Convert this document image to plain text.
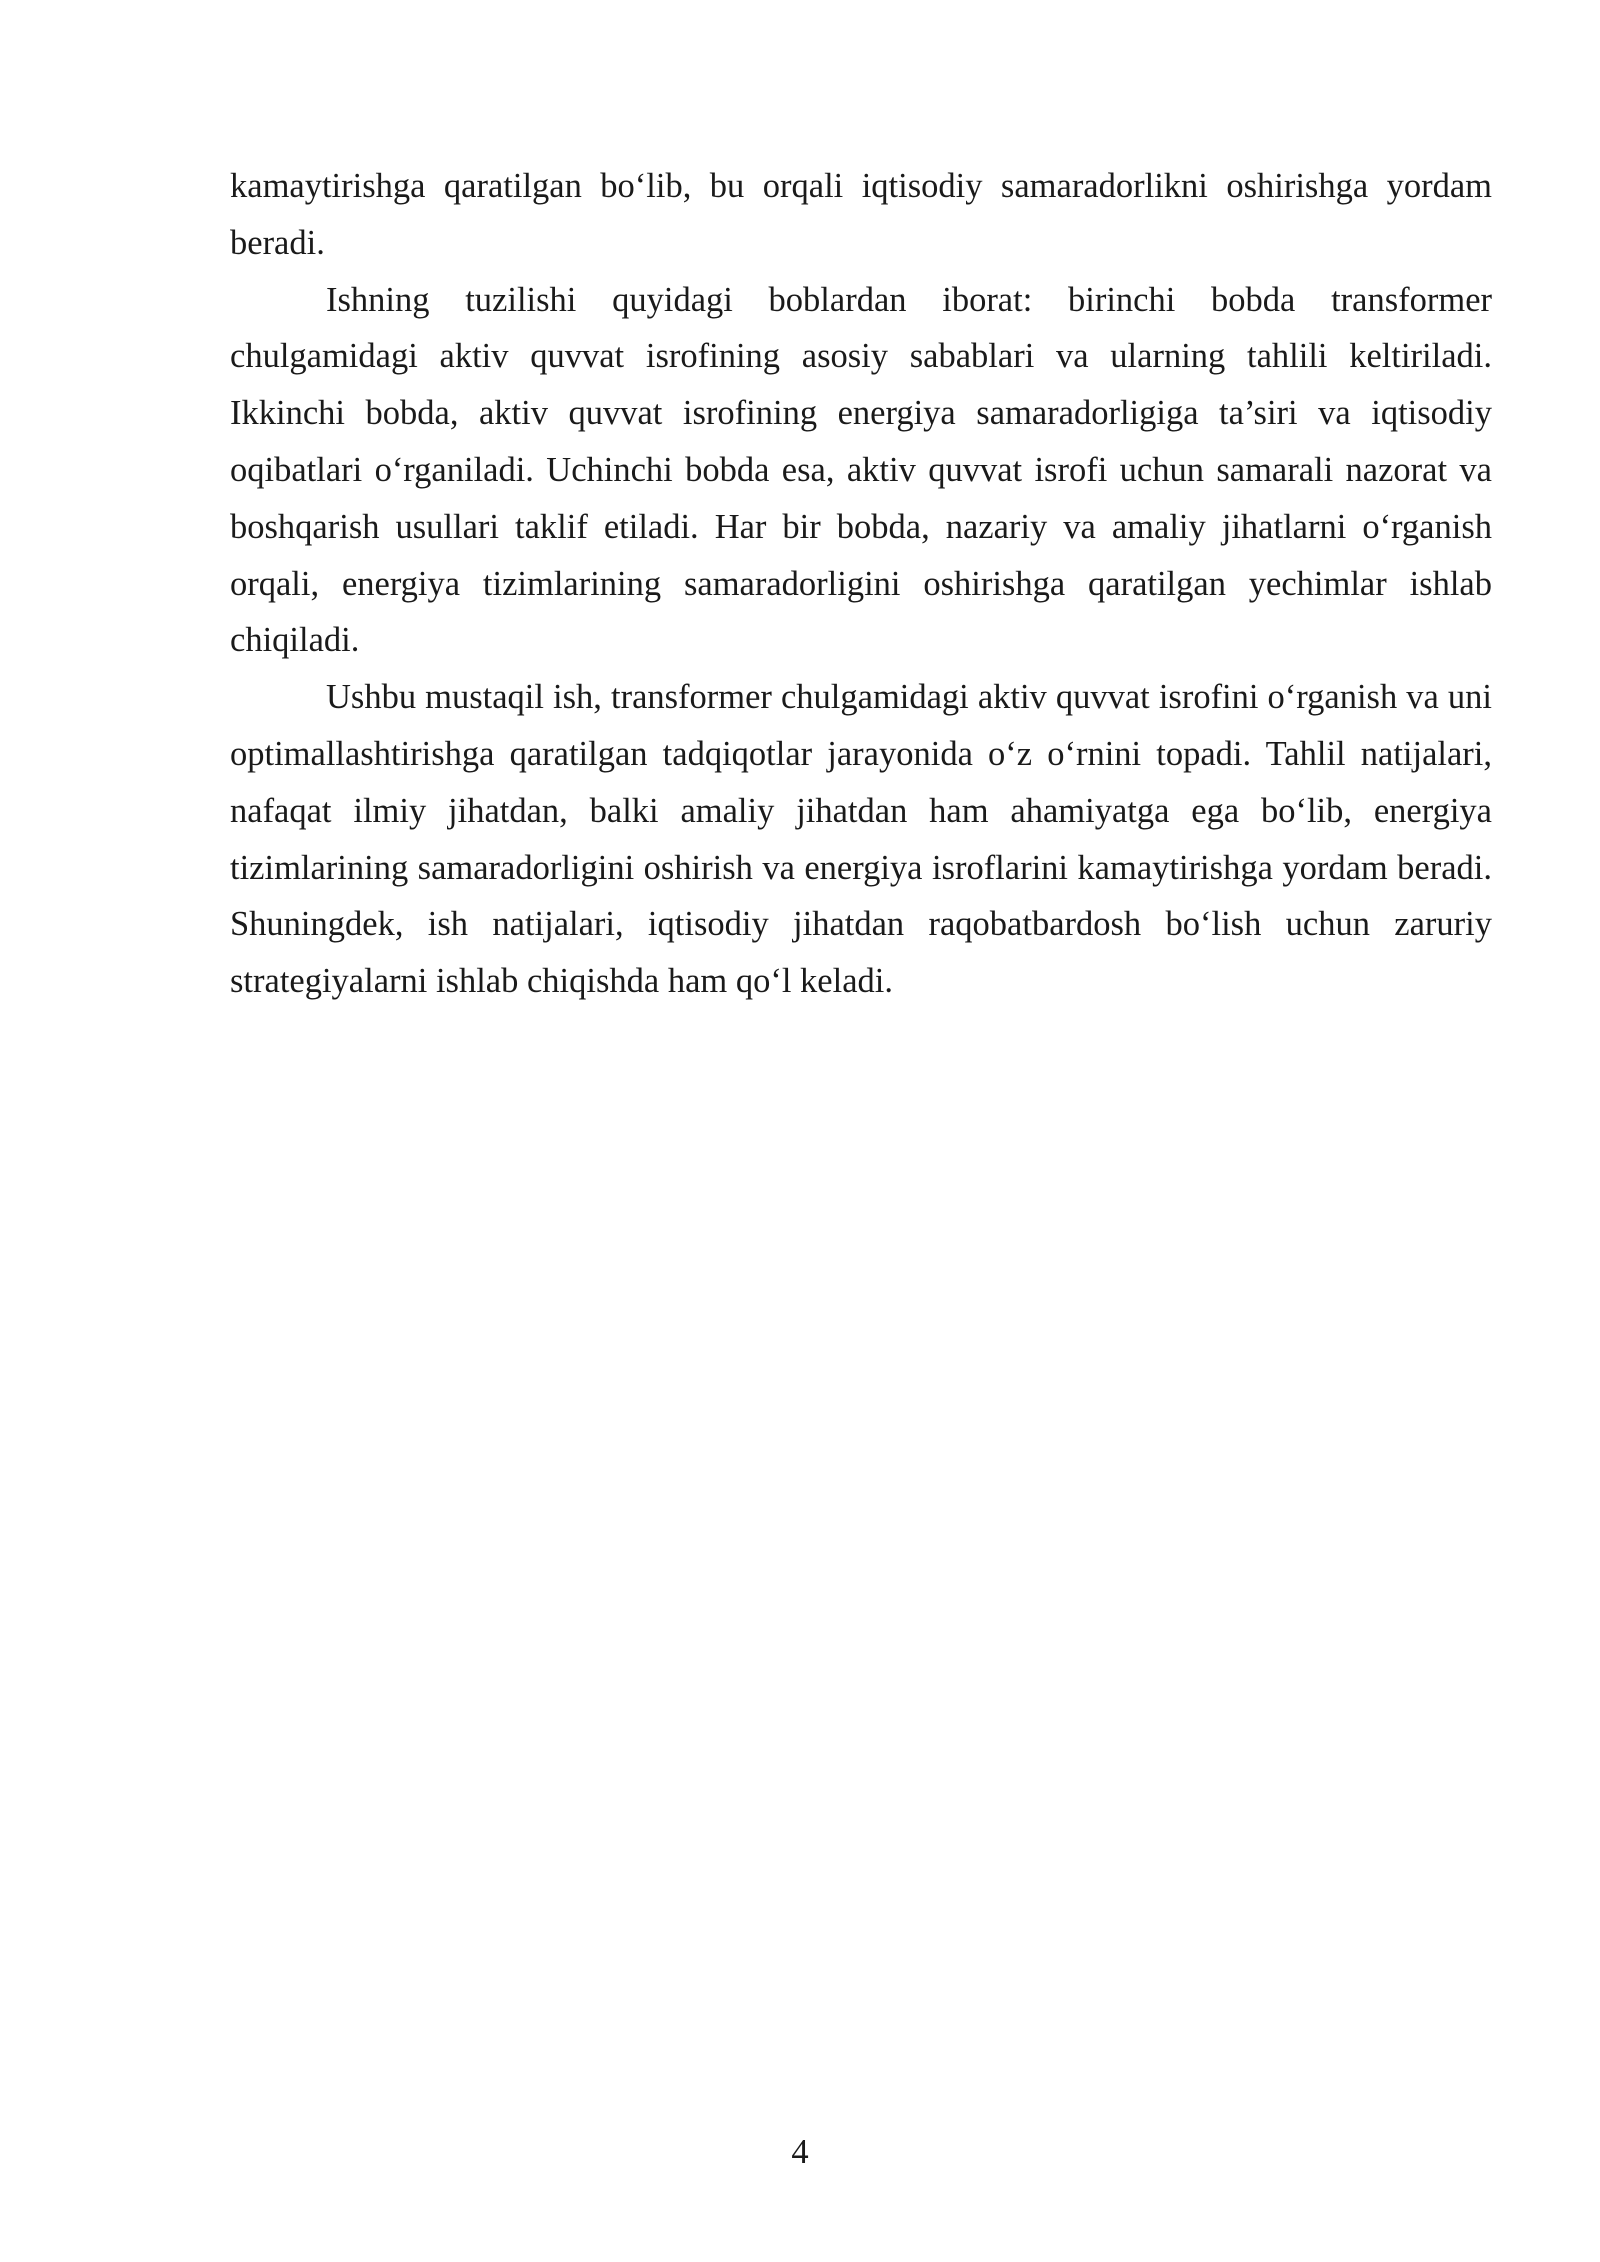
kamaytirishga qaratilgan bo‘lib, bu orqali iqtisodiy samaradorlikni oshirishga yordam beradi.

Ishning tuzilishi quyidagi boblardan iborat: birinchi bobda transformer chulgamidagi aktiv quvvat isrofining asosiy sabablari va ularning tahlili keltiriladi. Ikkinchi bobda, aktiv quvvat isrofining energiya samaradorligiga ta’siri va iqtisodiy oqibatlari o‘rganiladi. Uchinchi bobda esa, aktiv quvvat isrofi uchun samarali nazorat va boshqarish usullari taklif etiladi. Har bir bobda, nazariy va amaliy jihatlarni o‘rganish orqali, energiya tizimlarining samaradorligini oshirishga qaratilgan yechimlar ishlab chiqiladi.

Ushbu mustaqil ish, transformer chulgamidagi aktiv quvvat isrofini o‘rganish va uni optimallashtirishga qaratilgan tadqiqotlar jarayonida o‘z o‘rnini topadi. Tahlil natijalari, nafaqat ilmiy jihatdan, balki amaliy jihatdan ham ahamiyatga ega bo‘lib, energiya tizimlarining samaradorligini oshirish va energiya isroflarini kamaytirishga yordam beradi. Shuningdek, ish natijalari, iqtisodiy jihatdan raqobatbardosh bo‘lish uchun zaruriy strategiyalarni ishlab chiqishda ham qo‘l keladi.

4
